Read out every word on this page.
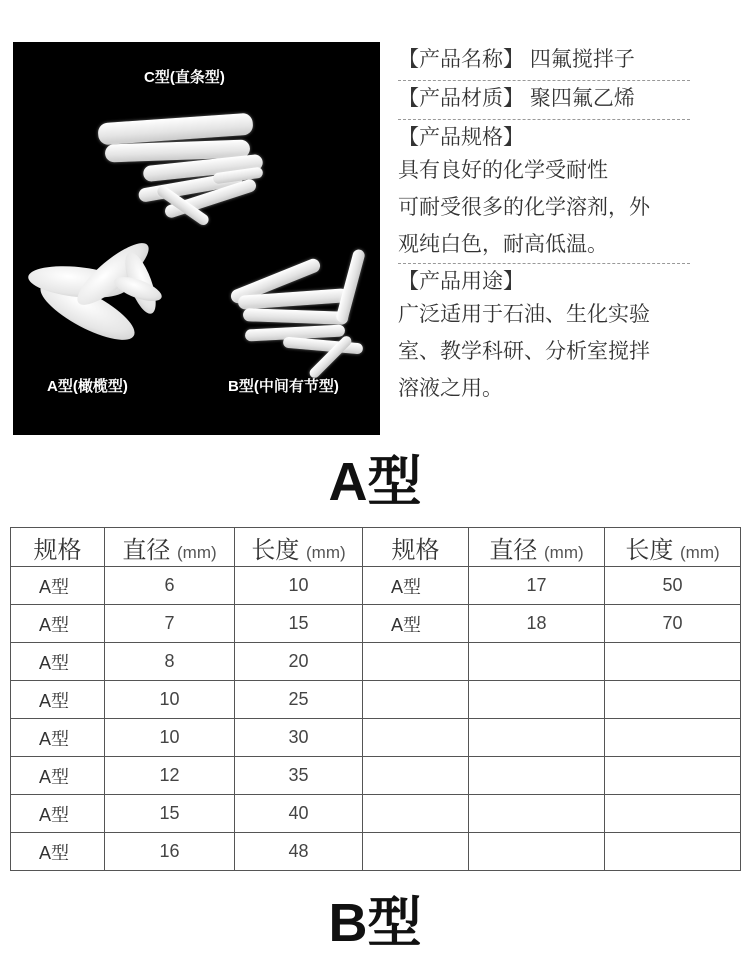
C型(直条型)
A型(橄榄型)	B型(中间有节型)
【产品名称】 四氟搅拌子
【产品材质】 聚四氟乙烯
【产品规格】
具有良好的化学受耐性
可耐受很多的化学溶剂，外
观纯白色，耐高低温。
【产品用途】
广泛适用于石油、生化实验
室、教学科研、分析室搅拌
溶液之用。
A型
规格	直径 (mm)	长度 (mm)	规格	直径 (mm)	长度 (mm)
A型	6	10	A型	17	50
A型	7	15	A型	18	70
A型	8	20			
A型	10	25			
A型	10	30			
A型	12	35			
A型	15	40			
A型	16	48			
B型
